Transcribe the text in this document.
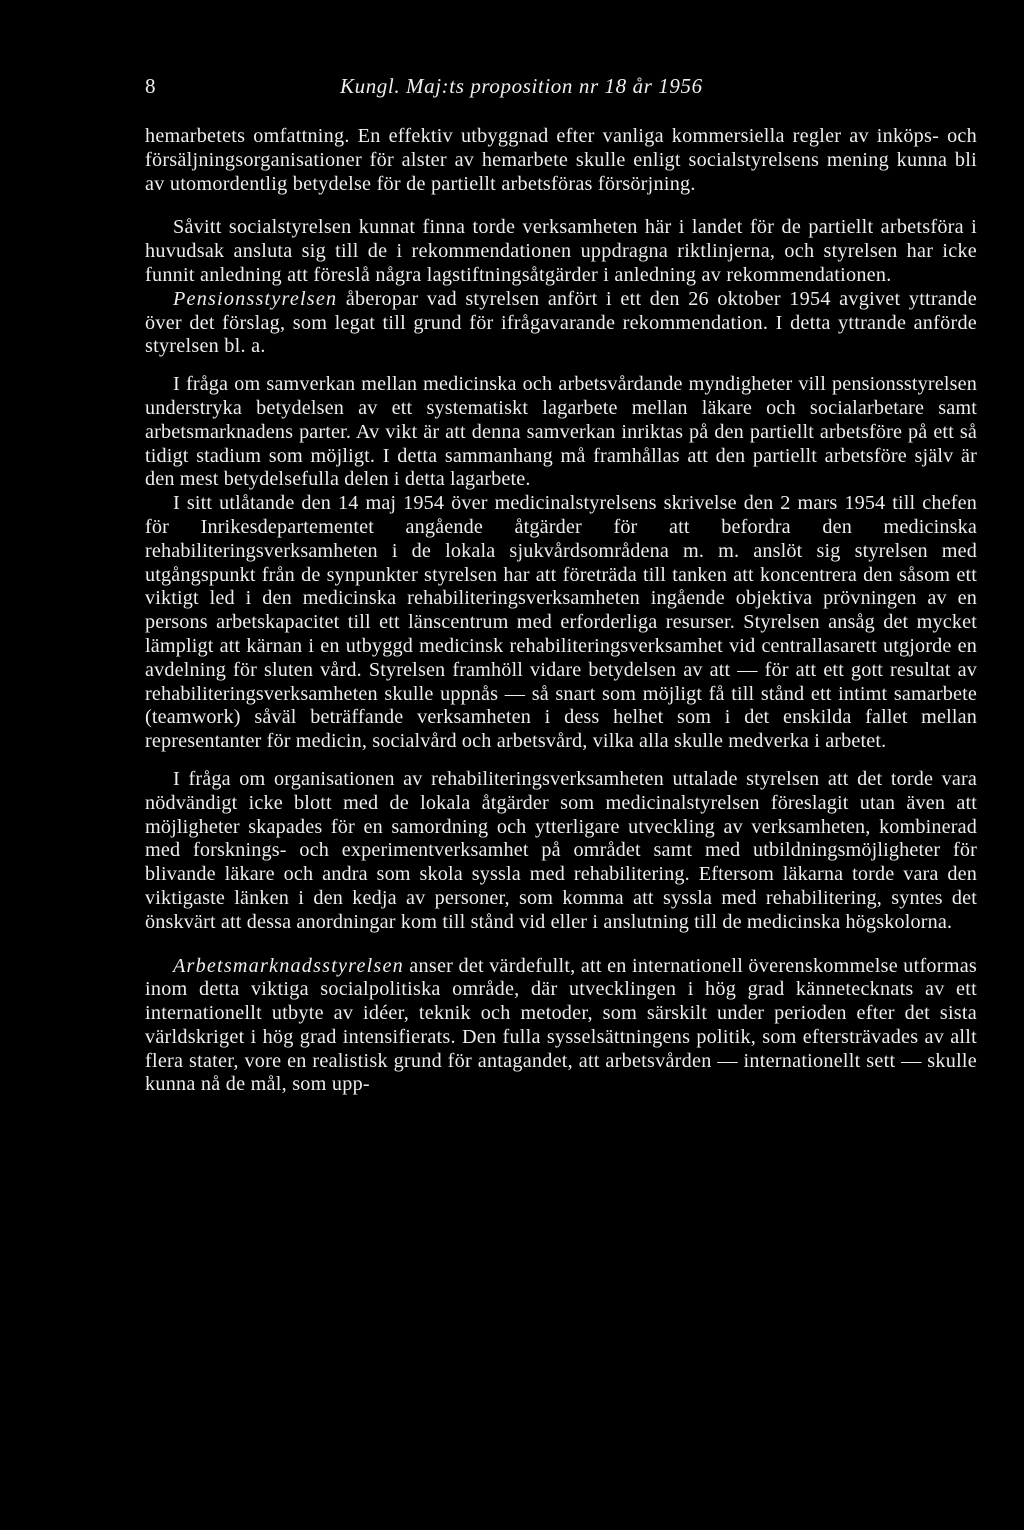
8	Kungl. Maj:ts proposition nr 18 år 1956

hemarbetets omfattning. En effektiv utbyggnad efter vanliga kommersiella regler av inköps- och försäljningsorganisationer för alster av hemarbete skulle enligt socialstyrelsens mening kunna bli av utomordentlig betydelse för de partiellt arbetsföras försörjning.

Såvitt socialstyrelsen kunnat finna torde verksamheten här i landet för de partiellt arbetsföra i huvudsak ansluta sig till de i rekommendationen uppdragna riktlinjerna, och styrelsen har icke funnit anledning att föreslå några lagstiftningsåtgärder i anledning av rekommendationen.

Pensionsstyrelsen åberopar vad styrelsen anfört i ett den 26 oktober 1954 avgivet yttrande över det förslag, som legat till grund för ifrågavarande rekommendation. I detta yttrande anförde styrelsen bl. a.

I fråga om samverkan mellan medicinska och arbetsvårdande myndigheter vill pensionsstyrelsen understryka betydelsen av ett systematiskt lagarbete mellan läkare och socialarbetare samt arbetsmarknadens parter. Av vikt är att denna samverkan inriktas på den partiellt arbetsföre på ett så tidigt stadium som möjligt. I detta sammanhang må framhållas att den partiellt arbetsföre själv är den mest betydelsefulla delen i detta lagarbete.

I sitt utlåtande den 14 maj 1954 över medicinalstyrelsens skrivelse den 2 mars 1954 till chefen för Inrikesdepartementet angående åtgärder för att befordra den medicinska rehabiliteringsverksamheten i de lokala sjukvårdsområdena m. m. anslöt sig styrelsen med utgångspunkt från de synpunkter styrelsen har att företräda till tanken att koncentrera den såsom ett viktigt led i den medicinska rehabiliteringsverksamheten ingående objektiva prövningen av en persons arbetskapacitet till ett länscentrum med erforderliga resurser. Styrelsen ansåg det mycket lämpligt att kärnan i en utbyggd medicinsk rehabiliteringsverksamhet vid centrallasarett utgjorde en avdelning för sluten vård. Styrelsen framhöll vidare betydelsen av att — för att ett gott resultat av rehabiliteringsverksamheten skulle uppnås — så snart som möjligt få till stånd ett intimt samarbete (teamwork) såväl beträffande verksamheten i dess helhet som i det enskilda fallet mellan representanter för medicin, socialvård och arbetsvård, vilka alla skulle medverka i arbetet.

I fråga om organisationen av rehabiliteringsverksamheten uttalade styrelsen att det torde vara nödvändigt icke blott med de lokala åtgärder som medicinalstyrelsen föreslagit utan även att möjligheter skapades för en samordning och ytterligare utveckling av verksamheten, kombinerad med forsknings- och experimentverksamhet på området samt med utbildningsmöjligheter för blivande läkare och andra som skola syssla med rehabilitering. Eftersom läkarna torde vara den viktigaste länken i den kedja av personer, som komma att syssla med rehabilitering, syntes det önskvärt att dessa anordningar kom till stånd vid eller i anslutning till de medicinska högskolorna.

Arbetsmarknadsstyrelsen anser det värdefullt, att en internationell överenskommelse utformas inom detta viktiga socialpolitiska område, där utvecklingen i hög grad kännetecknats av ett internationellt utbyte av idéer, teknik och metoder, som särskilt under perioden efter det sista världskriget i hög grad intensifierats. Den fulla sysselsättningens politik, som eftersträvades av allt flera stater, vore en realistisk grund för antagandet, att arbetsvården — internationellt sett — skulle kunna nå de mål, som upp-
